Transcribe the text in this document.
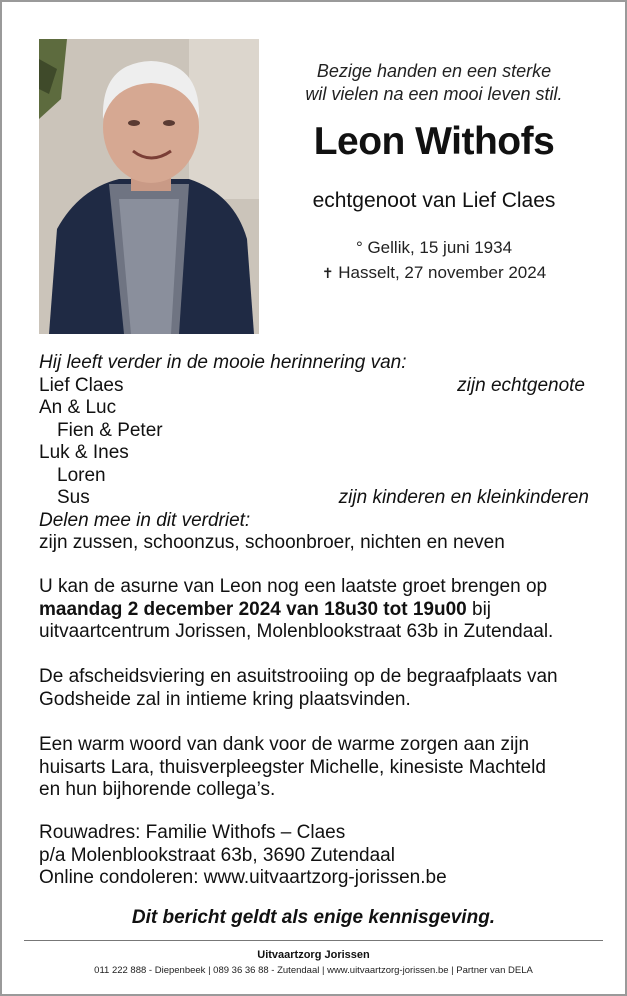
Bezige handen en een sterke
wil vielen na een mooi leven stil.
Leon Withofs
echtgenoot van Lief Claes
° Gellik, 15 juni 1934
✝ Hasselt, 27 november 2024
Hij leeft verder in de mooie herinnering van:
Lief Claes	zijn echtgenote
An & Luc
Fien & Peter
Luk & Ines
Loren
Sus	zijn kinderen en kleinkinderen
Delen mee in dit verdriet:
zijn zussen, schoonzus, schoonbroer, nichten en neven
U kan de asurne van Leon nog een laatste groet brengen op
maandag 2 december 2024 van 18u30 tot 19u00 bij
uitvaartcentrum Jorissen, Molenblookstraat 63b in Zutendaal.
De afscheidsviering en asuitstrooiing op de begraafplaats van
Godsheide zal in intieme kring plaatsvinden.
Een warm woord van dank voor de warme zorgen aan zijn
huisarts Lara, thuisverpleegster Michelle, kinesiste Machteld
en hun bijhorende collega’s.
Rouwadres: Familie Withofs – Claes
p/a Molenblookstraat 63b, 3690 Zutendaal
Online condoleren: www.uitvaartzorg-jorissen.be
Dit bericht geldt als enige kennisgeving.
Uitvaartzorg Jorissen
011 222 888 - Diepenbeek | 089 36 36 88 - Zutendaal | www.uitvaartzorg-jorissen.be | Partner van DELA
